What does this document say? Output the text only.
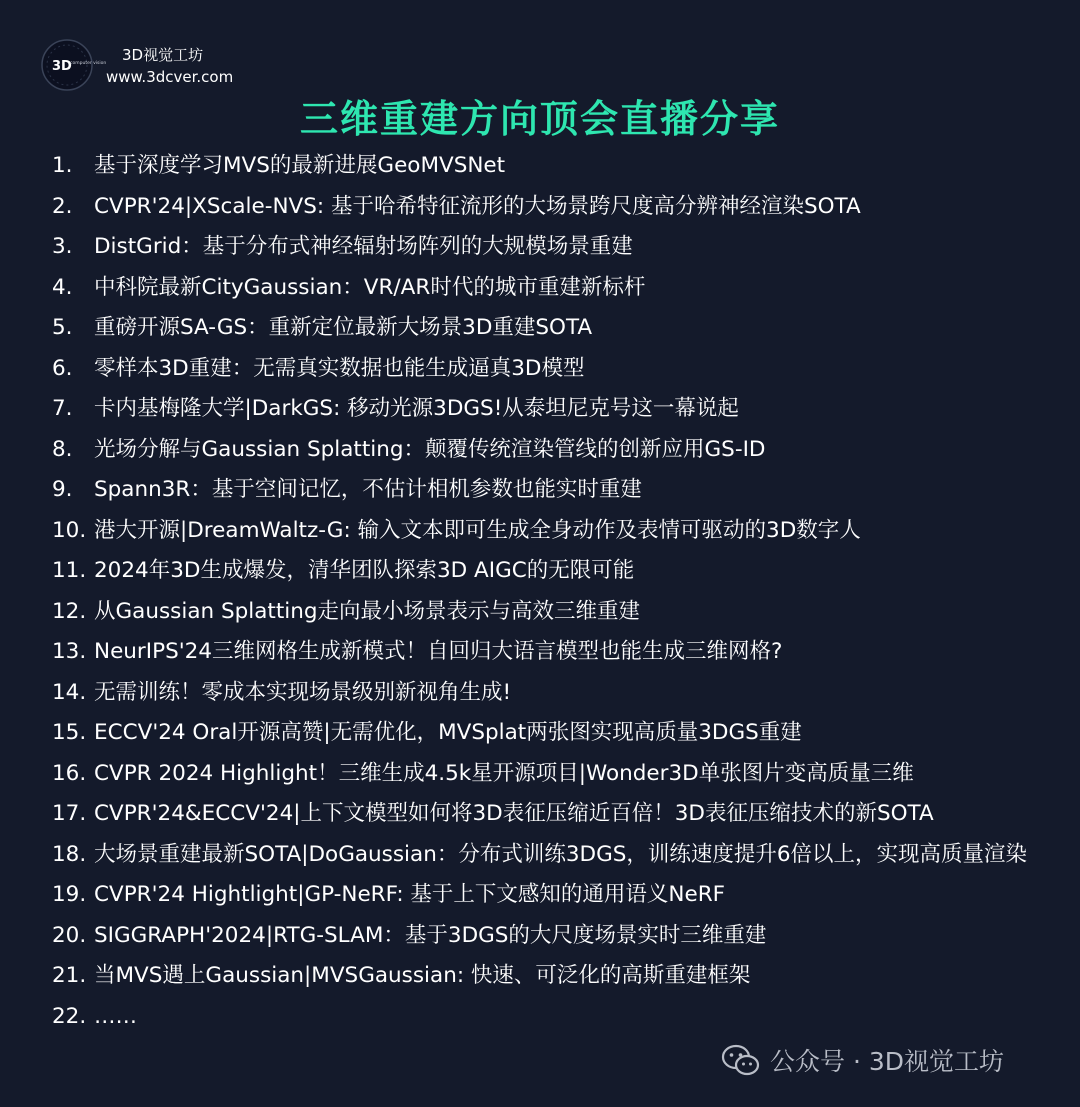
3D
computer vision 3D视觉工坊
www.3dcver.com
三维重建方向顶会直播分享
1. 基于深度学习MVS的最新进展GeoMVSNet
2. CVPR'24|XScale-NVS: 基于哈希特征流形的大场景跨尺度高分辨神经渲染SOTA
3. DistGrid：基于分布式神经辐射场阵列的大规模场景重建
4. 中科院最新CityGaussian：VR/AR时代的城市重建新标杆
5. 重磅开源SA-GS：重新定位最新大场景3D重建SOTA
6. 零样本3D重建：无需真实数据也能生成逼真3D模型
7. 卡内基梅隆大学|DarkGS: 移动光源3DGS!从泰坦尼克号这一幕说起
8. 光场分解与Gaussian Splatting：颠覆传统渲染管线的创新应用GS-ID
9. Spann3R：基于空间记忆，不估计相机参数也能实时重建
10. 港大开源|DreamWaltz-G: 输入文本即可生成全身动作及表情可驱动的3D数字人
11. 2024年3D生成爆发，清华团队探索3D AIGC的无限可能
12. 从Gaussian Splatting走向最小场景表示与高效三维重建
13. NeurIPS'24三维网格生成新模式！自回归大语言模型也能生成三维网格?
14. 无需训练！零成本实现场景级别新视角生成!
15. ECCV'24 Oral开源高赞|无需优化，MVSplat两张图实现高质量3DGS重建
16. CVPR 2024 Highlight！三维生成4.5k星开源项目|Wonder3D单张图片变高质量三维
17. CVPR'24&ECCV'24|上下文模型如何将3D表征压缩近百倍！3D表征压缩技术的新SOTA
18. 大场景重建最新SOTA|DoGaussian：分布式训练3DGS，训练速度提升6倍以上，实现高质量渲染
19. CVPR'24 Hightlight|GP-NeRF: 基于上下文感知的通用语义NeRF
20. SIGGRAPH'2024|RTG-SLAM：基于3DGS的大尺度场景实时三维重建
21. 当MVS遇上Gaussian|MVSGaussian: 快速、可泛化的高斯重建框架
22. ……
公众号 · 3D视觉工坊
